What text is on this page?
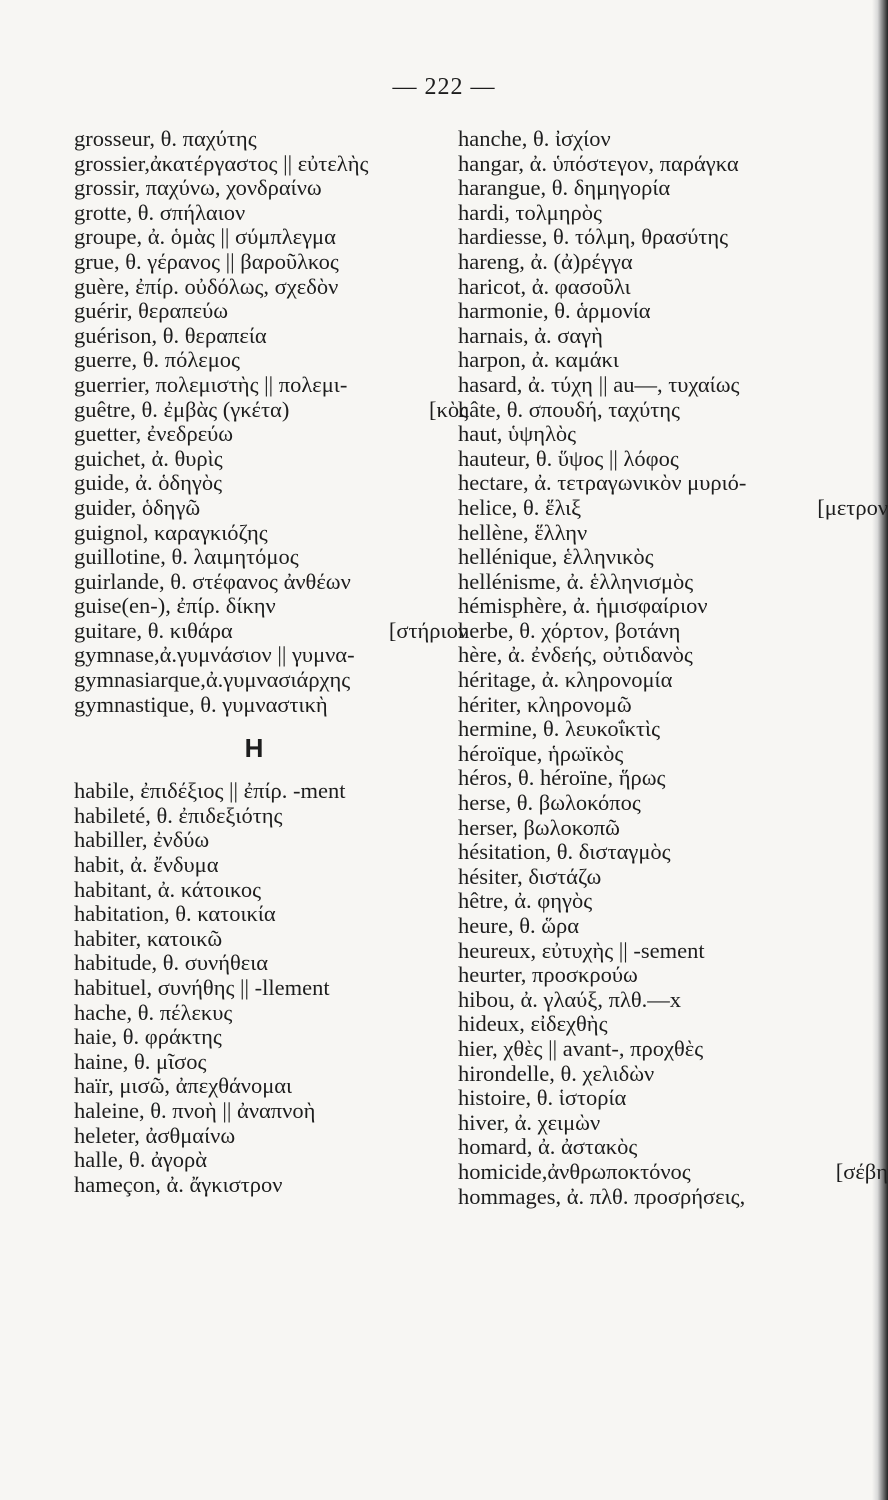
— 222 —
grosseur, θ. παχύτης
grossier,ἀκατέργαστος || εὐτελὴς
grossir, παχύνω, χονδραίνω
grotte, θ. σπήλαιον
groupe, ἀ. ὁμὰς || σύμπλεγμα
grue, θ. γέρανος || βαροῦλκος
guère, ἐπίρ. οὐδόλως, σχεδὸν
guérir, θεραπεύω
guérison, θ. θεραπεία
guerre, θ. πόλεμος
guerrier, πολεμιστὴς || πολεμι-
guêtre, θ. ἐμβὰς (γκέτα)	[κὸς
guetter, ἐνεδρεύω
guichet, ἀ. θυρὶς
guide, ἀ. ὁδηγὸς
guider, ὁδηγῶ
guignol, καραγκιόζης
guillotine, θ. λαιμητόμος
guirlande, θ. στέφανος ἀνθέων
guise(en-), ἐπίρ. δίκην
guitare, θ. κιθάρα	[στήριον
gymnase,ἀ.γυμνάσιον || γυμνα-
gymnasiarque,ἀ.γυμνασιάρχης
gymnastique, θ. γυμναστικὴ
H
habile, ἐπιδέξιος || ἐπίρ. -ment
habileté, θ. ἐπιδεξιότης
habiller, ἐνδύω
habit, ἀ. ἔνδυμα
habitant, ἀ. κάτοικος
habitation, θ. κατοικία
habiter, κατοικῶ
habitude, θ. συνήθεια
habituel, συνήθης || -llement
hache, θ. πέλεκυς
haie, θ. φράκτης
haine, θ. μῖσος
haïr, μισῶ, ἀπεχθάνομαι
haleine, θ. πνοὴ || ἀναπνοὴ
heleter, ἀσθμαίνω
halle, θ. ἀγορὰ
hameçon, ἀ. ἄγκιστρον
hanche, θ. ἰσχίον
hangar, ἀ. ὑπόστεγον, παράγκα
harangue, θ. δημηγορία
hardi, τολμηρὸς
hardiesse, θ. τόλμη, θρασύτης
hareng, ἀ. (ἀ)ρέγγα
haricot, ἀ. φασοῦλι
harmonie, θ. ἁρμονία
harnais, ἀ. σαγὴ
harpon, ἀ. καμάκι
hasard, ἀ. τύχη || au—, τυχαίως
hâte, θ. σπουδή, ταχύτης
haut, ὑψηλὸς
hauteur, θ. ὕψος || λόφος
hectare, ἀ. τετραγωνικὸν μυριό-
helice, θ. ἕλιξ	[μετρον
hellène, ἕλλην
hellénique, ἑλληνικὸς
hellénisme, ἀ. ἑλληνισμὸς
hémisphère, ἀ. ἡμισφαίριον
herbe, θ. χόρτον, βοτάνη
hère, ἀ. ἐνδεής, οὐτιδανὸς
héritage, ἀ. κληρονομία
hériter, κληρονομῶ
hermine, θ. λευκοΐκτὶς
héroïque, ἡρωϊκὸς
héros, θ. héroïne, ἥρως
herse, θ. βωλοκόπος
herser, βωλοκοπῶ
hésitation, θ. δισταγμὸς
hésiter, διστάζω
hêtre, ἀ. φηγὸς
heure, θ. ὥρα
heureux, εὐτυχὴς || -sement
heurter, προσκρούω
hibou, ἀ. γλαύξ, πλθ.—x
hideux, εἰδεχθὴς
hier, χθὲς || avant-, προχθὲς
hirondelle, θ. χελιδὼν
histoire, θ. ἱστορία
hiver, ἀ. χειμὼν
homard, ἀ. ἀστακὸς
homicide,ἀνθρωποκτόνος	[σέβη
hommages, ἀ. πλθ. προσρήσεις,
